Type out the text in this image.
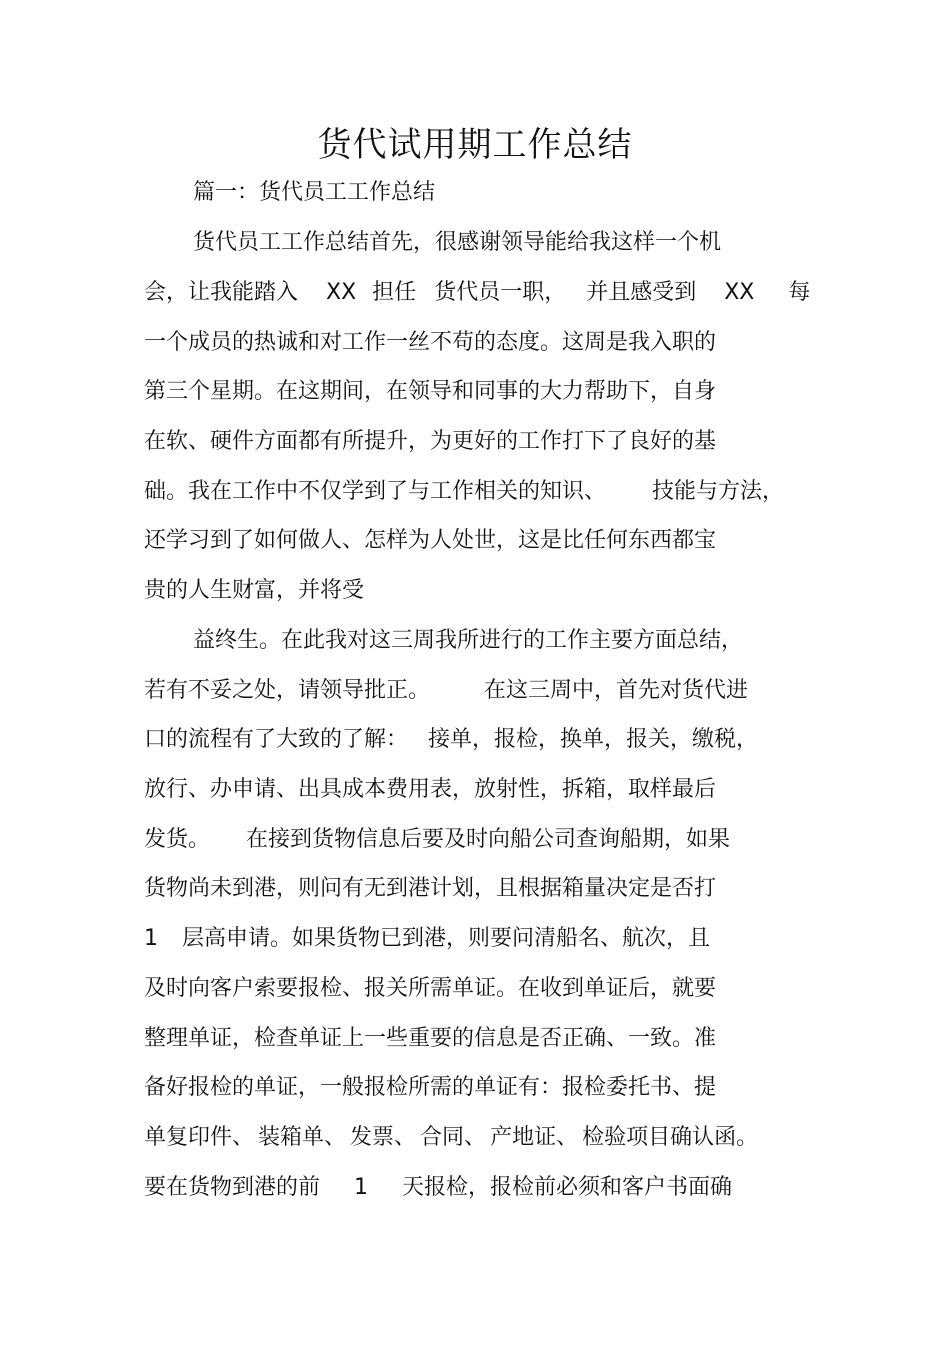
货代试用期工作总结
篇一：货代员工工作总结
货代员工工作总结首先，很感谢领导能给我这样一个机
会，让我能踏入 XX 担任 货代员一职， 并且感受到 XX 每
一个成员的热诚和对工作一丝不苟的态度。这周是我入职的
第三个星期。在这期间，在领导和同事的大力帮助下，自身
在软、硬件方面都有所提升，为更好的工作打下了良好的基
础。我在工作中不仅学到了与工作相关的知识、 技能与方法，
还学习到了如何做人、怎样为人处世，这是比任何东西都宝
贵的人生财富，并将受
益终生。在此我对这三周我所进行的工作主要方面总结，
若有不妥之处，请领导批正。 在这三周中，首先对货代进
口的流程有了大致的了解： 接单，报检，换单，报关，缴税，
放行、办申请、出具成本费用表，放射性，拆箱，取样最后
发货。 在接到货物信息后要及时向船公司查询船期，如果
货物尚未到港，则问有无到港计划，且根据箱量决定是否打
1 层高申请。如果货物已到港，则要问清船名、航次，且
及时向客户索要报检、报关所需单证。在收到单证后，就要
整理单证，检查单证上一些重要的信息是否正确、一致。准
备好报检的单证，一般报检所需的单证有：报检委托书、提
单复印件、 装箱单、 发票、 合同、 产地证、 检验项目确认函。
要在货物到港的前 1 天报检，报检前必须和客户书面确
